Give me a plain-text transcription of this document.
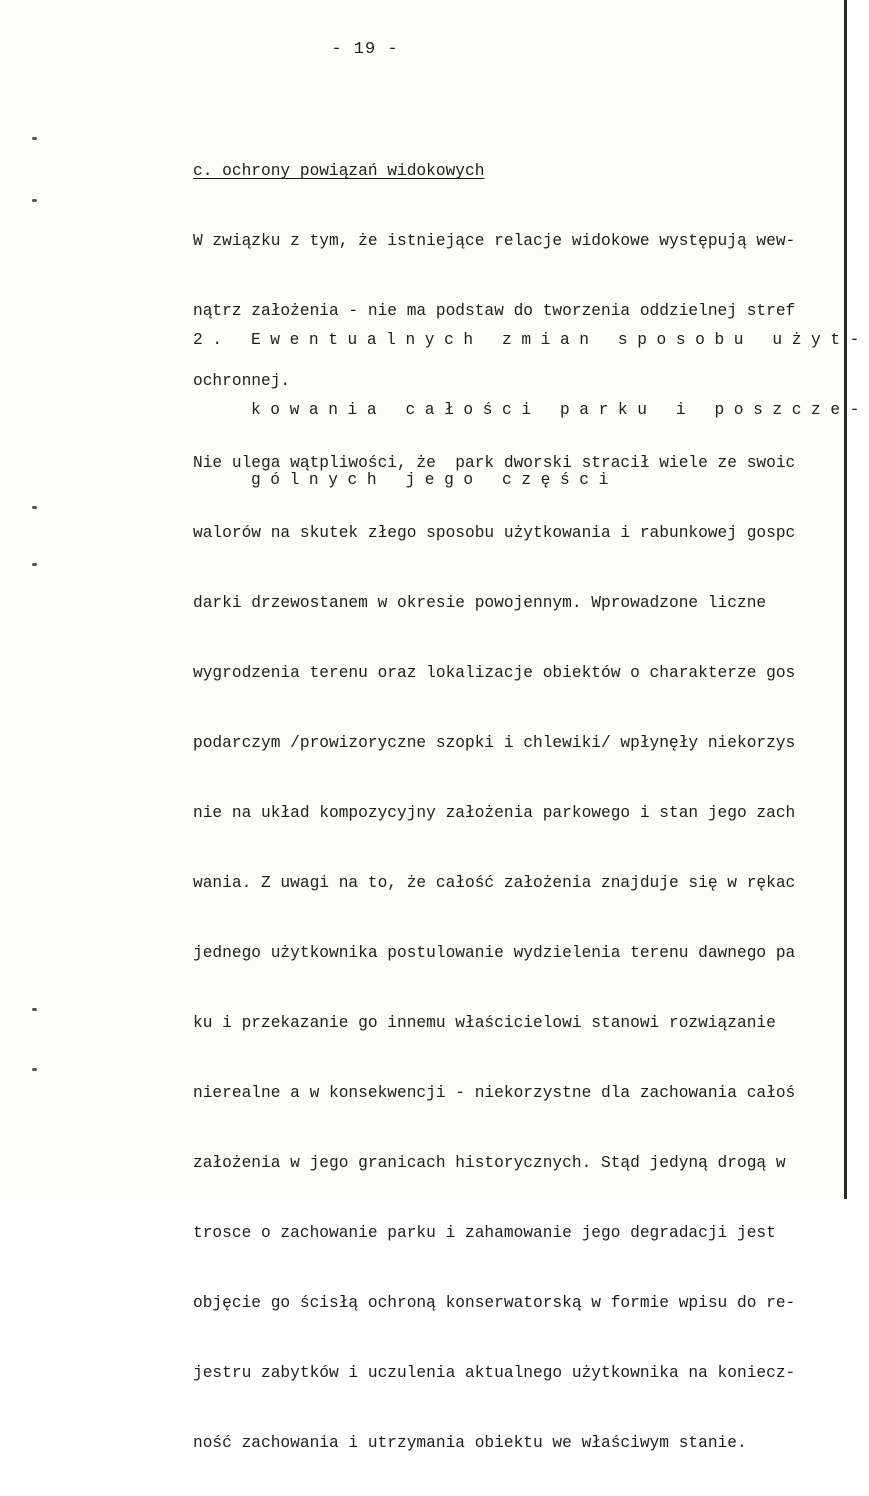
- 19 -

c. ochrony powiązań widokowych

W związku z tym, że istniejące relacje widokowe występują wew-

nątrz założenia - nie ma podstaw do tworzenia oddzielnej stref

ochronnej.

2. Ewentualnych zmian sposobu użyt-

kowania całości parku i poszcze-

gólnych jego części

Nie ulega wątpliwości, że  park dworski stracił wiele ze swoic

walorów na skutek złego sposobu użytkowania i rabunkowej gospc

darki drzewostanem w okresie powojennym. Wprowadzone liczne

wygrodzenia terenu oraz lokalizacje obiektów o charakterze gos

podarczym /prowizoryczne szopki i chlewiki/ wpłynęły niekorzys

nie na układ kompozycyjny założenia parkowego i stan jego zach

wania. Z uwagi na to, że całość założenia znajduje się w rękac

jednego użytkownika postulowanie wydzielenia terenu dawnego pa

ku i przekazanie go innemu właścicielowi stanowi rozwiązanie

nierealne a w konsekwencji - niekorzystne dla zachowania całoś

założenia w jego granicach historycznych. Stąd jedyną drogą w

trosce o zachowanie parku i zahamowanie jego degradacji jest

objęcie go ścisłą ochroną konserwatorską w formie wpisu do re-

jestru zabytków i uczulenia aktualnego użytkownika na koniecz-

ność zachowania i utrzymania obiektu we właściwym stanie.
